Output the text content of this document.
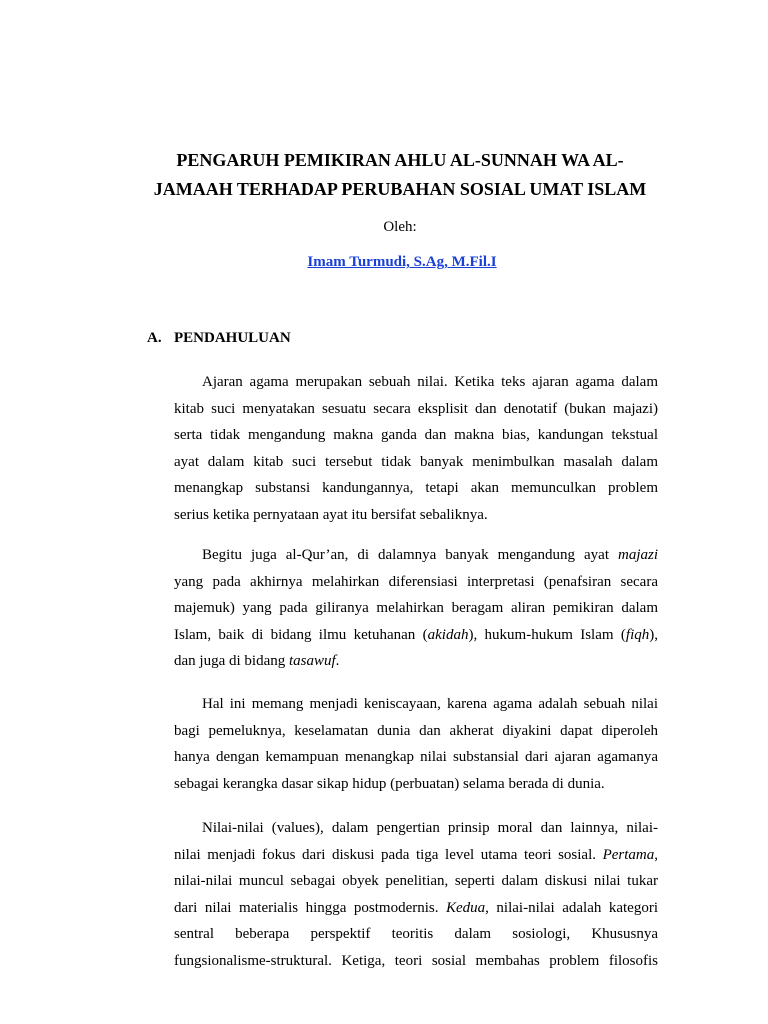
PENGARUH PEMIKIRAN AHLU AL-SUNNAH WA AL-
JAMAAH TERHADAP PERUBAHAN SOSIAL UMAT ISLAM
Oleh:
Imam Turmudi, S.Ag, M.Fil.I
A. PENDAHULUAN
Ajaran agama merupakan sebuah nilai. Ketika teks ajaran agama dalam
kitab suci menyatakan sesuatu secara eksplisit dan denotatif (bukan majazi)
serta tidak mengandung makna ganda dan makna bias, kandungan tekstual
ayat dalam kitab suci tersebut tidak banyak menimbulkan masalah dalam
menangkap substansi kandungannya, tetapi akan memunculkan problem
serius ketika pernyataan ayat itu bersifat sebaliknya.
Begitu juga al-Qur’an, di dalamnya banyak mengandung ayat majazi
yang pada akhirnya melahirkan diferensiasi interpretasi (penafsiran secara
majemuk) yang pada giliranya melahirkan beragam aliran pemikiran dalam
Islam, baik di bidang ilmu ketuhanan (akidah), hukum-hukum Islam (fiqh),
dan juga di bidang tasawuf.
Hal ini memang menjadi keniscayaan, karena agama adalah sebuah nilai
bagi pemeluknya, keselamatan dunia dan akherat diyakini dapat diperoleh
hanya dengan kemampuan menangkap nilai substansial dari ajaran agamanya
sebagai kerangka dasar sikap hidup (perbuatan) selama berada di dunia.
Nilai-nilai (values), dalam pengertian prinsip moral dan lainnya, nilai-
nilai menjadi fokus dari diskusi pada tiga level utama teori sosial. Pertama,
nilai-nilai muncul sebagai obyek penelitian, seperti dalam diskusi nilai tukar
dari nilai materialis hingga postmodernis. Kedua, nilai-nilai adalah kategori
sentral beberapa perspektif teoritis dalam sosiologi, Khususnya
fungsionalisme-struktural. Ketiga, teori sosial membahas problem filosofis
